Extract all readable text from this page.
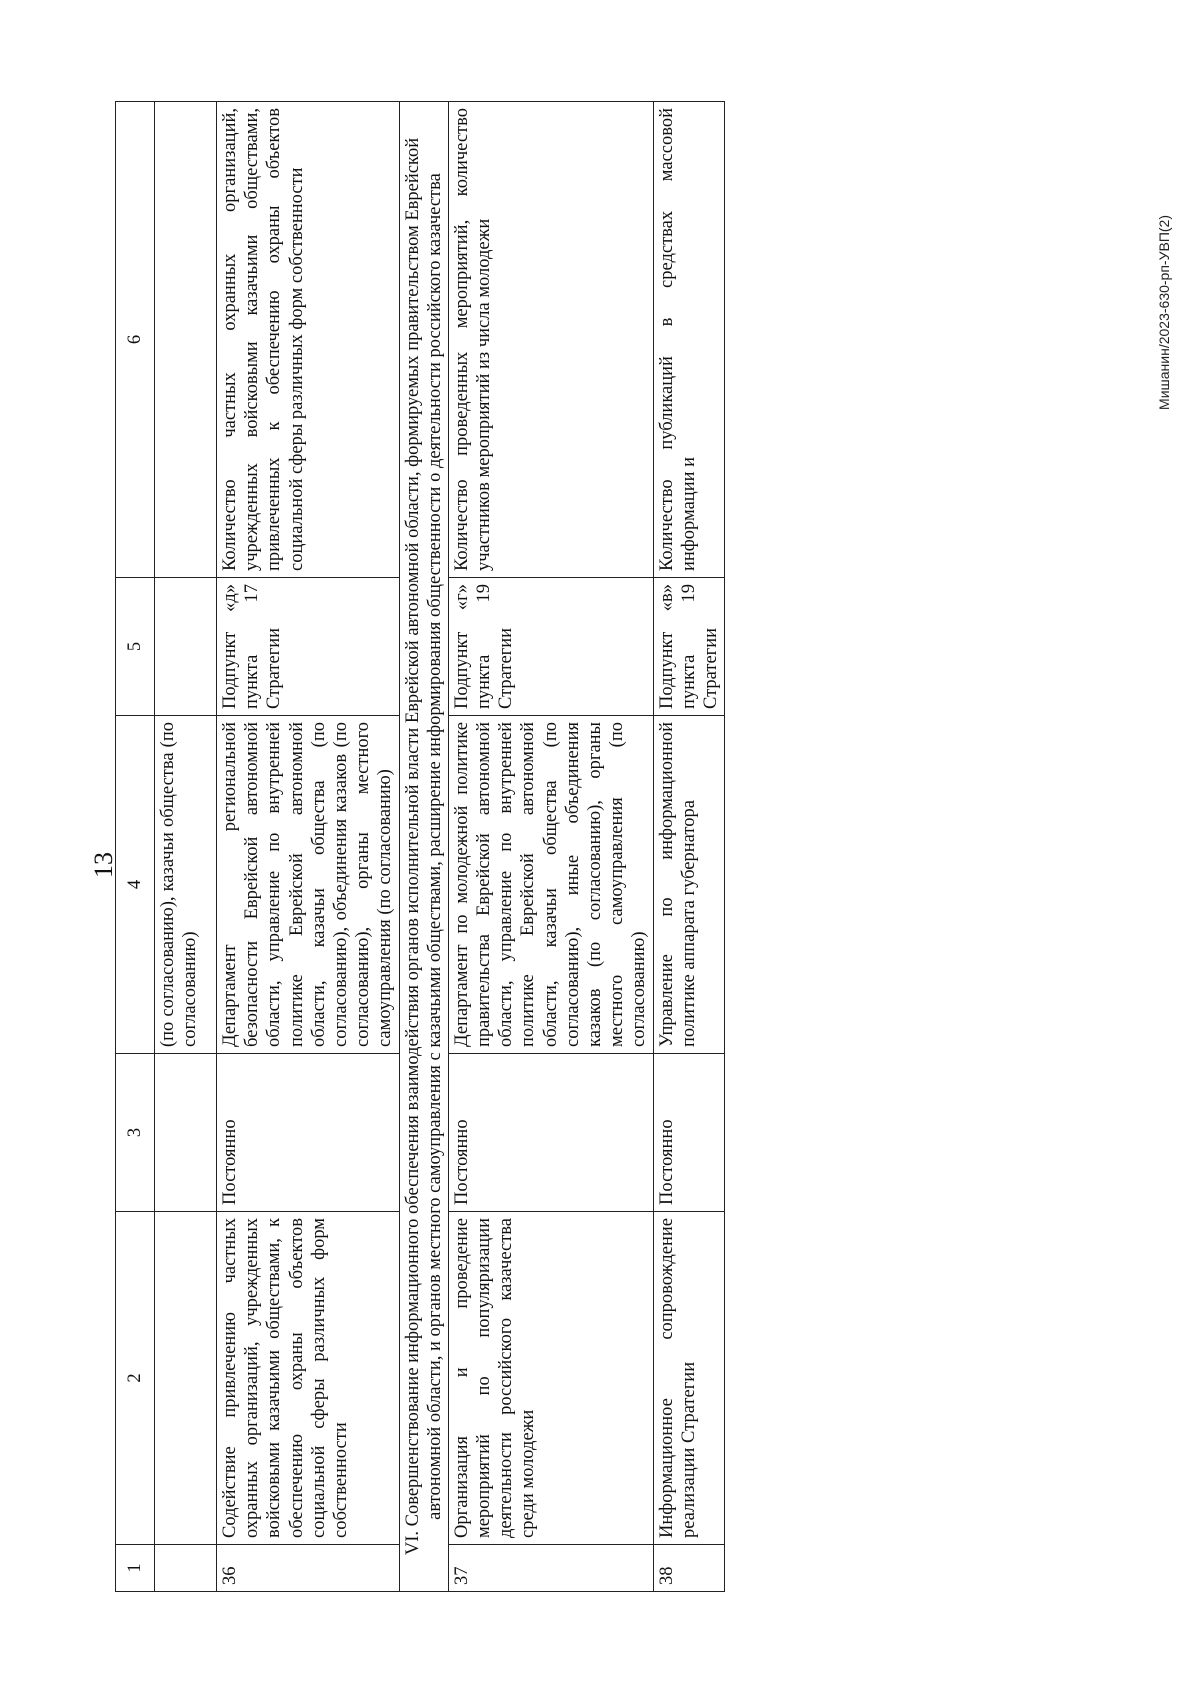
13
Мишанин/2023-630-рп-УВП(2)
1	2	3	4	5	6
			(по согласованию), казачьи общества (по согласованию)		
36	Содействие привлечению частных охранных организаций, учрежденных войсковыми казачьими обществами, к обеспечению охраны объектов социальной сферы различных форм собственности	Постоянно	Департамент региональной безопасности Еврейской автономной области, управление по внутренней политике Еврейской автономной области, казачьи общества (по согласованию), объединения казаков (по согласованию), органы местного самоуправления (по согласованию)	Подпункт «д» пункта 17 Стратегии	Количество частных охранных организаций, учрежденных войсковыми казачьими обществами, привлеченных к обеспечению охраны объектов социальной сферы различных форм собственности
VI. Совершенствование информационного обеспечения взаимодействия органов исполнительной власти Еврейской автономной области, формируемых правительством Еврейской автономной области, и органов местного самоуправления с казачьими обществами, расширение информирования общественности о деятельности российского казачества					
37	Организация и проведение мероприятий по популяризации деятельности российского казачества среди молодежи	Постоянно	Департамент по молодежной политике правительства Еврейской автономной области, управление по внутренней политике Еврейской автономной области, казачьи общества (по согласованию), иные объединения казаков (по согласованию), органы местного самоуправления (по согласованию)	Подпункт «г» пункта 19 Стратегии	Количество проведенных мероприятий, количество участников мероприятий из числа молодежи
38	Информационное сопровождение реализации Стратегии	Постоянно	Управление по информационной политике аппарата губернатора	Подпункт «в» пункта 19 Стратегии	Количество публикаций в средствах массовой информации и
